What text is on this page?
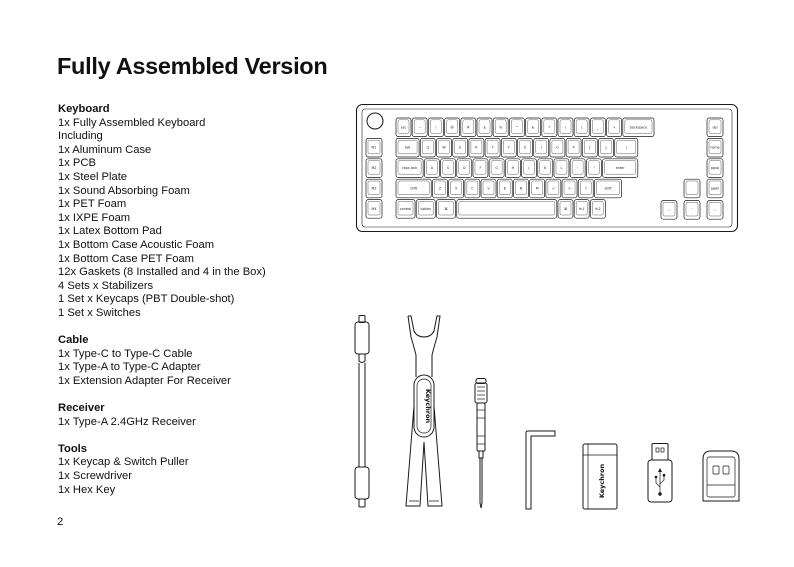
Fully Assembled Version
Keyboard
1x Fully Assembled Keyboard
Including
1x Aluminum Case
1x PCB
1x Steel Plate
1x Sound Absorbing Foam
1x PET Foam
1x IXPE Foam
1x Latex Bottom Pad
1x Bottom Case Acoustic Foam
1x Bottom Case PET Foam
12x Gaskets (8 Installed and 4 in the Box)
4 Sets x Stabilizers
1 Set x Keycaps (PBT Double-shot)
1 Set x Switches
Cable
1x Type-C to Type-C Cable
1x Type-A to Type-C Adapter
1x Extension Adapter For Receiver
Receiver
1x Type-A 2.4GHz Receiver
Tools
1x Keycap & Switch Puller
1x Screwdriver
1x Hex Key
2
esc	~	!	@	#	$	%	^	&	*	(	)	_	+	backspace	del
M1
M2
M3
M4
tab	Q	W	E	R	T	Y	U	I	O	P	{	}	|	home
caps lock	A	S	D	F	G	H	J	K	L	:	"	enter	pgup
shift	Z	X	C	V	B	N	M	<	>	?	shift	pgdn
control	option	⌘	⌘	fn1	fn2	‹	ˇ	›
Keychron
Keychron
